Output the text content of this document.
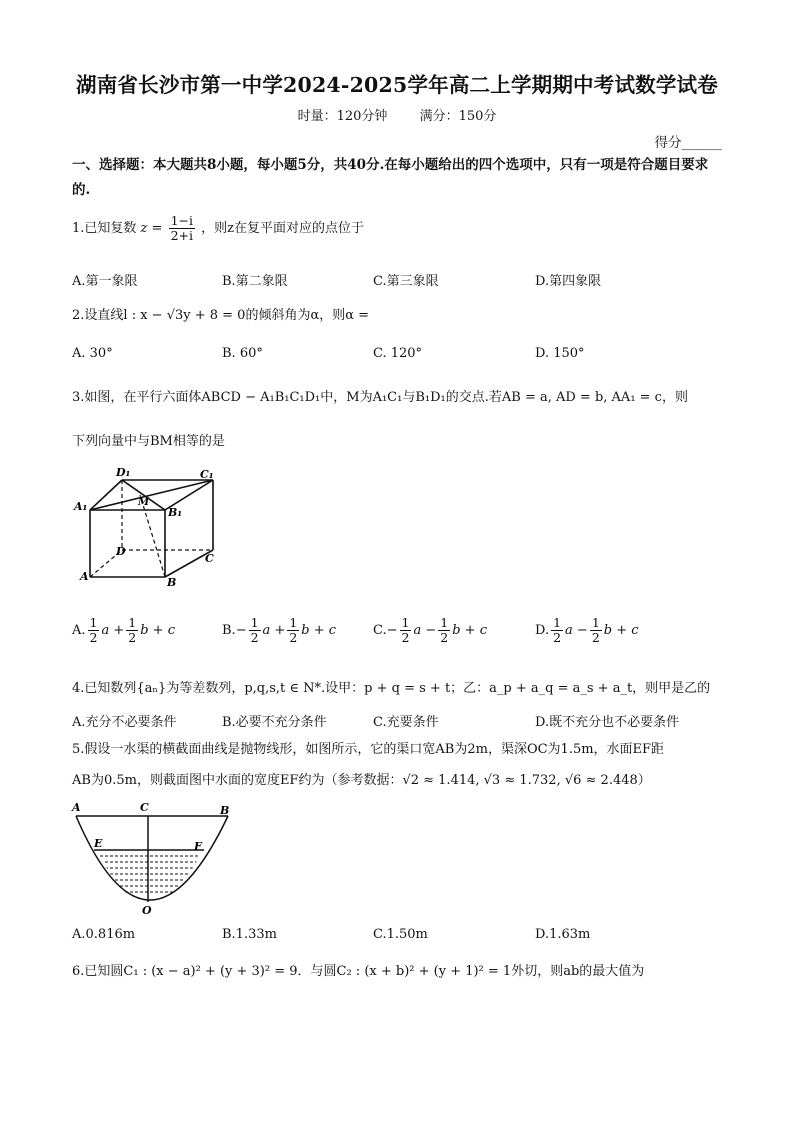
湖南省长沙市第一中学2024-2025学年高二上学期期中考试数学试卷
时量：120分钟 满分：150分
得分______
一、选择题：本大题共8小题，每小题5分，共40分.在每小题给出的四个选项中，只有一项是符合题目要求的.
1.已知复数 $z = \frac{1-i}{2+i}$ ，则z在复平面对应的点位于
A.第一象限	B.第二象限	C.第三象限	D.第四象限
2.设直线l : x − √3y + 8 = 0的倾斜角为α，则α =
A. 30°	B. 60°	C. 120°	D. 150°
3.如图，在平行六面体ABCD − A₁B₁C₁D₁中，M为A₁C₁与B₁D₁的交点.若AB = a, AD = b, AA₁ = c，则
下列向量中与BM相等的是
D₁	C₁
A₁	B₁
M
D
C
A	B
A. $\frac{1}{2}$ $a + \frac{1}{2}$ b + c	$B.- \frac{1}{2}$ $a + \frac{1}{2}$ b + c	$C.- \frac{1}{2}$ $a - \frac{1}{2}$ b + c	D. $\frac{1}{2}$ $a - \frac{1}{2}$ b + c
4.已知数列{aₙ}为等差数列，p,q,s,t ∈ N*.设甲：p + q = s + t；乙：a_p + a_q = a_s + a_t，则甲是乙的
A.充分不必要条件	B.必要不充分条件	C.充要条件	D.既不充分也不必要条件
5.假设一水渠的横截面曲线是抛物线形，如图所示，它的渠口宽AB为2m，渠深OC为1.5m，水面EF距
AB为0.5m，则截面图中水面的宽度EF约为（参考数据：√2 ≈ 1.414, √3 ≈ 1.732, √6 ≈ 2.448）
A	C	B
E	F
O
A.0.816m	B.1.33m	C.1.50m	D.1.63m
6.已知圆C₁ : (x − a)² + (y + 3)² = 9．与圆C₂ : (x + b)² + (y + 1)² = 1外切，则ab的最大值为
